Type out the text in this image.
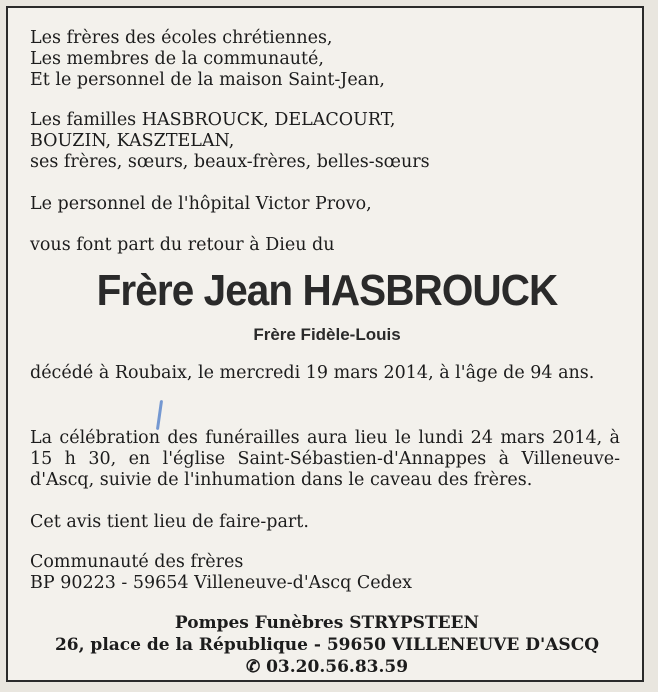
Les frères des écoles chrétiennes,

Les membres de la communauté,

Et le personnel de la maison Saint-Jean,

Les familles HASBROUCK, DELACOURT,

BOUZIN, KASZTELAN,

ses frères, sœurs, beaux-frères, belles-sœurs

Le personnel de l'hôpital Victor Provo,
vous font part du retour à Dieu du
Frère Jean HASBROUCK
Frère Fidèle-Louis
décédé à Roubaix, le mercredi 19 mars 2014, à l'âge de 94 ans.
La célébration des funérailles aura lieu le lundi 24 mars 2014, à 15 h 30, en l'église Saint-Sébastien-d'Annappes à Villeneuve-d'Ascq, suivie de l'inhumation dans le caveau des frères.
Cet avis tient lieu de faire-part.

Communauté des frères

BP 90223 - 59654 Villeneuve-d'Ascq Cedex

Pompes Funèbres STRYPSTEEN
26, place de la République - 59650 VILLENEUVE D'ASCQ
✆ 03.20.56.83.59
